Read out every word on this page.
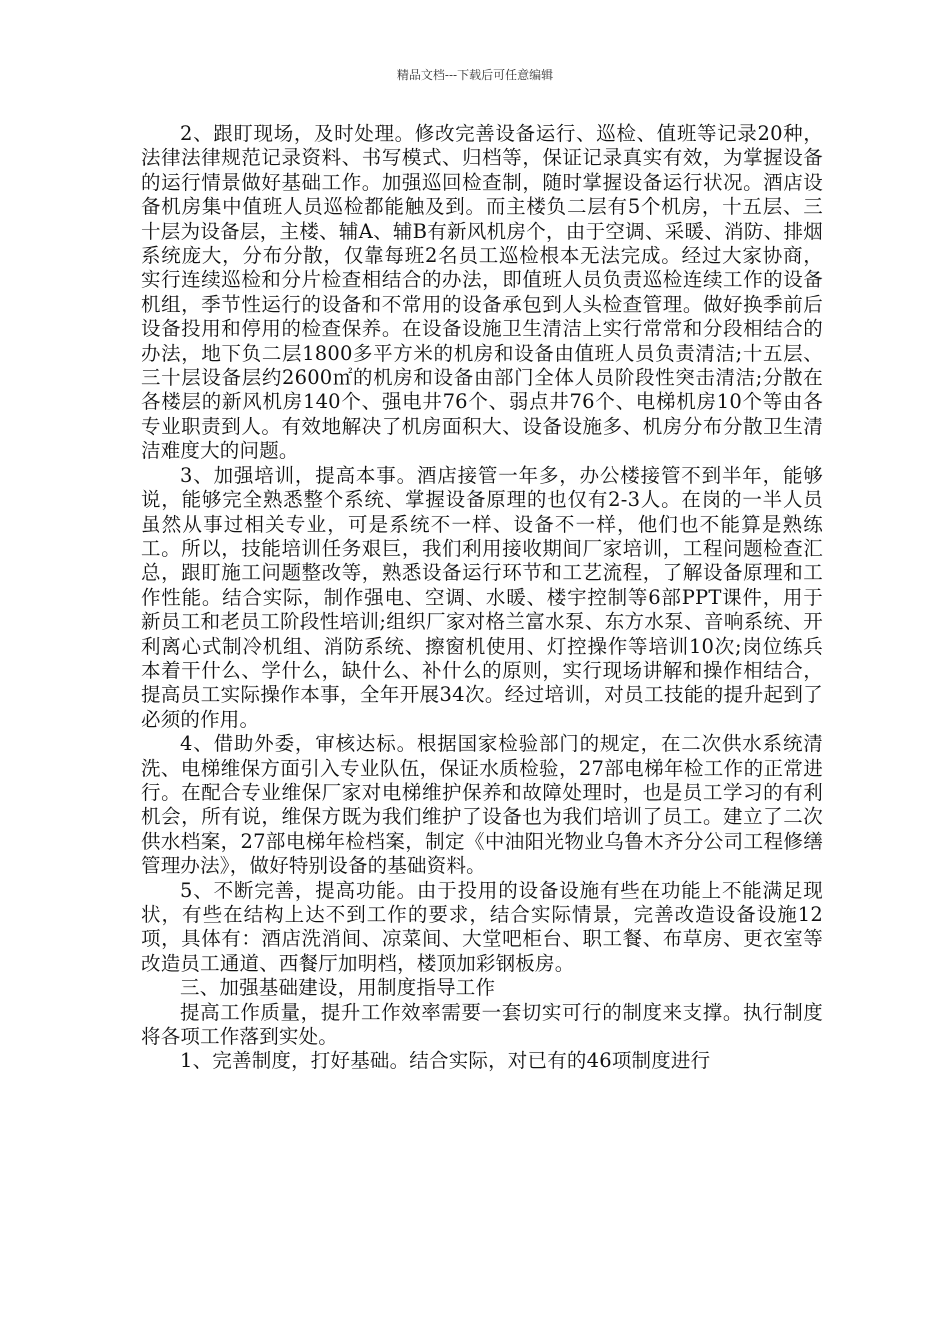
精品文档---下载后可任意编辑

2、跟盯现场，及时处理。修改完善设备运行、巡检、值班等记录20种，法律法律规范记录资料、书写模式、归档等，保证记录真实有效，为掌握设备的运行情景做好基础工作。加强巡回检查制，随时掌握设备运行状况。酒店设备机房集中值班人员巡检都能触及到。而主楼负二层有5个机房，十五层、三十层为设备层，主楼、辅A、辅B有新风机房个，由于空调、采暖、消防、排烟系统庞大，分布分散，仅靠每班2名员工巡检根本无法完成。经过大家协商，实行连续巡检和分片检查相结合的办法，即值班人员负责巡检连续工作的设备机组，季节性运行的设备和不常用的设备承包到人头检查管理。做好换季前后设备投用和停用的检查保养。在设备设施卫生清洁上实行常常和分段相结合的办法，地下负二层1800多平方米的机房和设备由值班人员负责清洁;十五层、三十层设备层约2600㎡的机房和设备由部门全体人员阶段性突击清洁;分散在各楼层的新风机房140个、强电井76个、弱点井76个、电梯机房10个等由各专业职责到人。有效地解决了机房面积大、设备设施多、机房分布分散卫生清洁难度大的问题。

3、加强培训，提高本事。酒店接管一年多，办公楼接管不到半年，能够说，能够完全熟悉整个系统、掌握设备原理的也仅有2-3人。在岗的一半人员虽然从事过相关专业，可是系统不一样、设备不一样，他们也不能算是熟练工。所以，技能培训任务艰巨，我们利用接收期间厂家培训，工程问题检查汇总，跟盯施工问题整改等，熟悉设备运行环节和工艺流程，了解设备原理和工作性能。结合实际，制作强电、空调、水暖、楼宇控制等6部PPT课件，用于新员工和老员工阶段性培训;组织厂家对格兰富水泵、东方水泵、音响系统、开利离心式制冷机组、消防系统、擦窗机使用、灯控操作等培训10次;岗位练兵本着干什么、学什么，缺什么、补什么的原则，实行现场讲解和操作相结合，提高员工实际操作本事，全年开展34次。经过培训，对员工技能的提升起到了必须的作用。

4、借助外委，审核达标。根据国家检验部门的规定，在二次供水系统清洗、电梯维保方面引入专业队伍，保证水质检验，27部电梯年检工作的正常进行。在配合专业维保厂家对电梯维护保养和故障处理时，也是员工学习的有利机会，所有说，维保方既为我们维护了设备也为我们培训了员工。建立了二次供水档案，27部电梯年检档案，制定《中油阳光物业乌鲁木齐分公司工程修缮管理办法》，做好特别设备的基础资料。

5、不断完善，提高功能。由于投用的设备设施有些在功能上不能满足现状，有些在结构上达不到工作的要求，结合实际情景，完善改造设备设施12项，具体有：酒店洗消间、凉菜间、大堂吧柜台、职工餐、布草房、更衣室等改造员工通道、西餐厅加明档，楼顶加彩钢板房。

三、加强基础建设，用制度指导工作

提高工作质量，提升工作效率需要一套切实可行的制度来支撑。执行制度将各项工作落到实处。

1、完善制度，打好基础。结合实际，对已有的46项制度进行
